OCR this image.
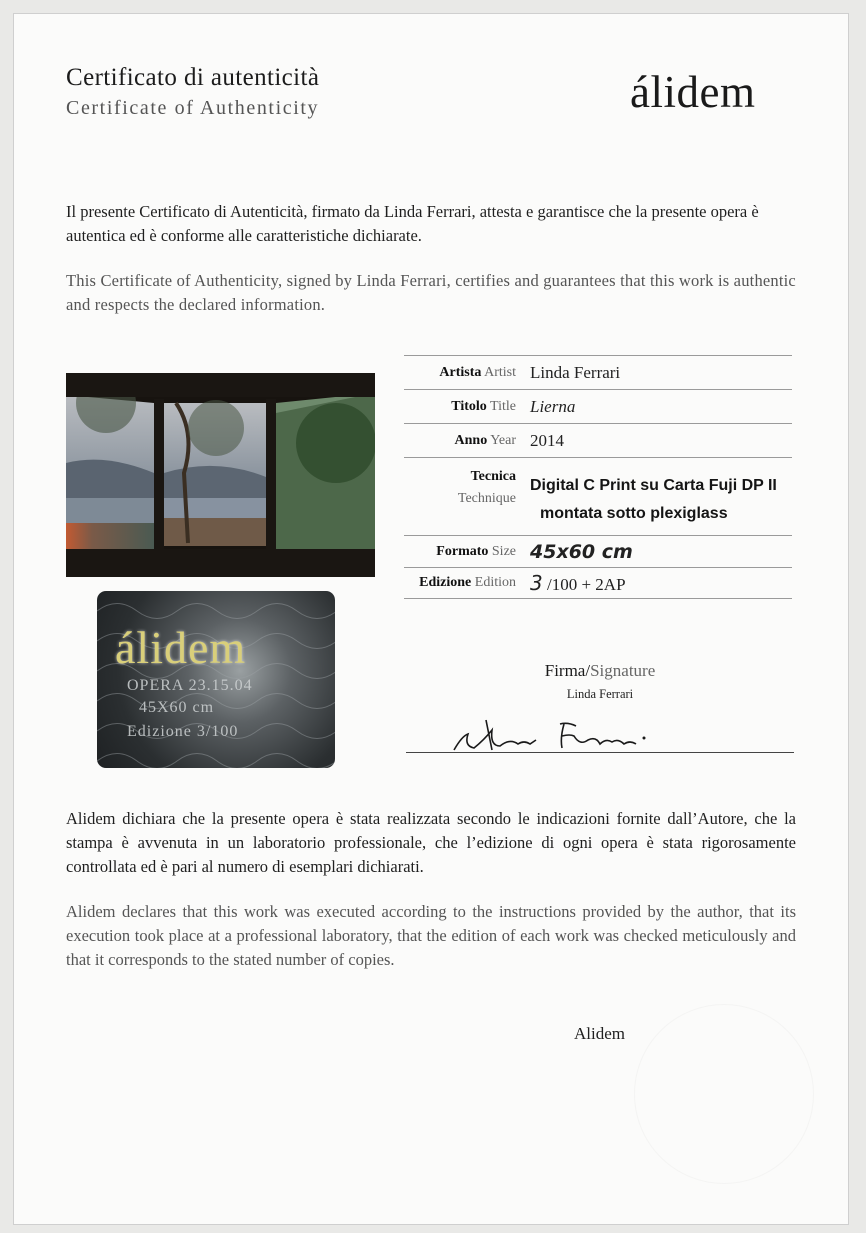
Certificato di autenticità
Certificate of Authenticity	álidem
Il presente Certificato di Autenticità, firmato da Linda Ferrari, attesta e garantisce che la presente opera è autentica ed è conforme alle caratteristiche dichiarate.
This Certificate of Authenticity, signed by Linda Ferrari, certifies and guarantees that this work is authentic and respects the declared information.
álidem
OPERA 23.15.04
45X60 cm
Edizione 3/100
Artista Artist Linda Ferrari
Titolo Title Lierna
Anno Year 2014
Tecnica
Technique
Digital C Print su Carta Fuji DP II
montata sotto plexiglass
Formato Size 45x60 cm
Edizione Edition 3 /100 + 2AP
Firma/Signature
Linda Ferrari
Alidem dichiara che la presente opera è stata realizzata secondo le indicazioni fornite dall’Autore, che la stampa è avvenuta in un laboratorio professionale, che l’edizione di ogni opera è stata rigorosamente controllata ed è pari al numero di esemplari dichiarati.
Alidem declares that this work was executed according to the instructions provided by the author, that its execution took place at a professional laboratory, that the edition of each work was checked meticulously and that it corresponds to the stated number of copies.
Alidem
